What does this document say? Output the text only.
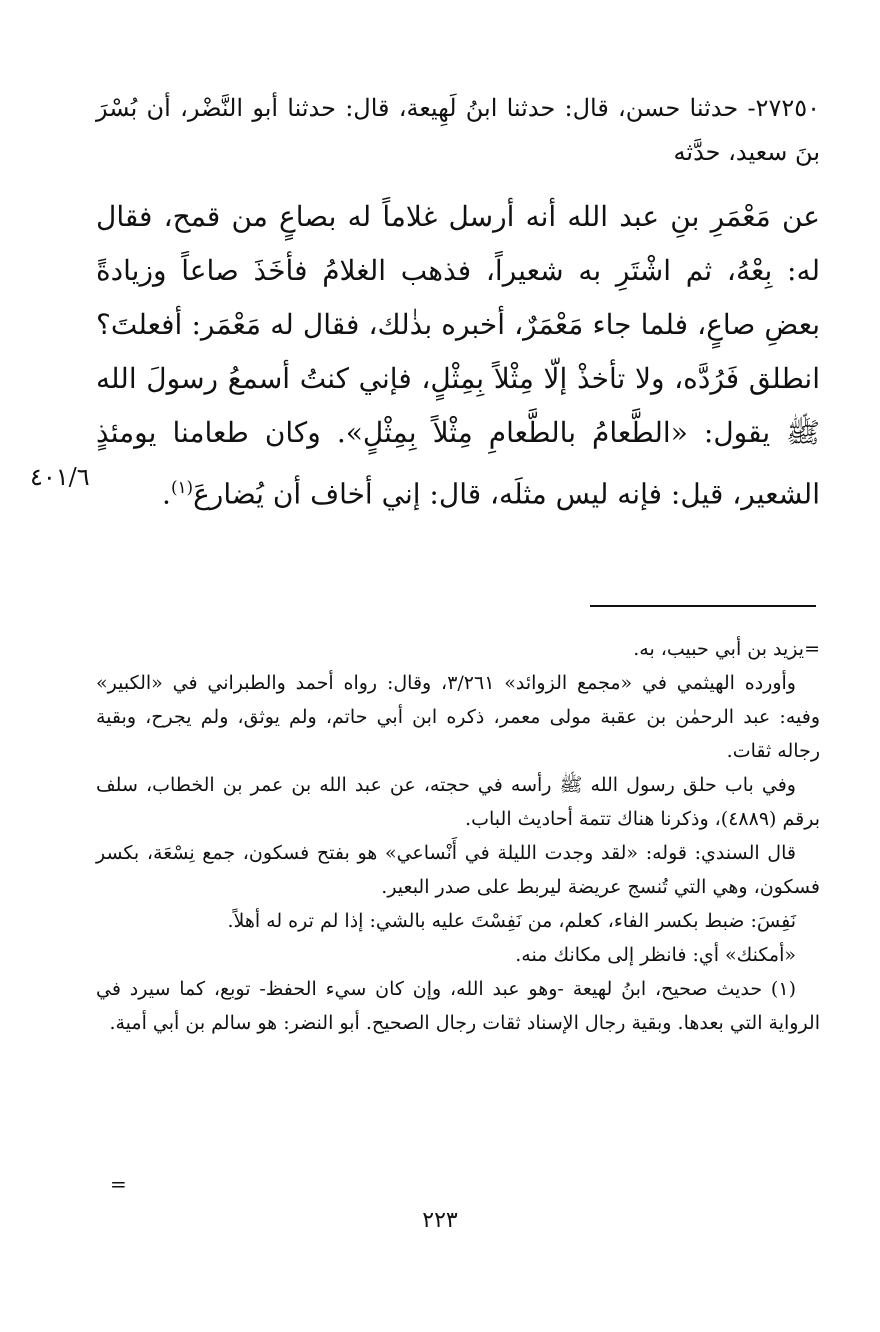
٢٧٢٥٠- حدثنا حسن، قال: حدثنا ابنُ لَهِيعة، قال: حدثنا أبو النَّضْر، أن بُسْرَ بنَ سعيد، حدَّثه

عن مَعْمَرِ بنِ عبد الله أنه أرسل غلاماً له بصاعٍ من قمح، فقال له: بِعْهُ، ثم اشْتَرِ به شعيراً، فذهب الغلامُ فأخَذَ صاعاً وزيادةً بعضِ صاعٍ، فلما جاء مَعْمَرٌ، أخبره بذٰلك، فقال له مَعْمَر: أفعلتَ؟ انطلق فَرُدَّه، ولا تأخذْ إلّا مِثْلاً بِمِثْلٍ، فإني كنتُ أسمعُ رسولَ الله ﷺ يقول: «الطَّعامُ بالطَّعامِ مِثْلاً بِمِثْلٍ». وكان طعامنا يومئذٍ الشعير، قيل: فإنه ليس مثلَه، قال: إني أخاف أن يُضارعَ$^{(١)}$.

٤٠١/٦

=يزيد بن أبي حبيب، به.

وأورده الهيثمي في «مجمع الزوائد» ٣/٢٦١، وقال: رواه أحمد والطبراني في «الكبير» وفيه: عبد الرحمٰن بن عقبة مولى معمر، ذكره ابن أبي حاتم، ولم يوثق، ولم يجرح، وبقية رجاله ثقات.

وفي باب حلق رسول الله ﷺ رأسه في حجته، عن عبد الله بن عمر بن الخطاب، سلف برقم (٤٨٨٩)، وذكرنا هناك تتمة أحاديث الباب.

قال السندي: قوله: «لقد وجدت الليلة في أَنْساعي» هو بفتح فسكون، جمع نِسْعَة، بكسر فسكون، وهي التي تُنسج عريضة ليربط على صدر البعير.

نَفِسَ: ضبط بكسر الفاء، كعلم، من نَفِسْتَ عليه بالشي: إذا لم تره له أهلاً.

«أمكنك» أي: فانظر إلى مكانك منه.

(١) حديث صحيح، ابنُ لهيعة -وهو عبد الله، وإن كان سيء الحفظ- توبع، كما سيرد في الرواية التي بعدها. وبقية رجال الإسناد ثقات رجال الصحيح. أبو النضر: هو سالم بن أبي أمية.

=
٢٢٣
